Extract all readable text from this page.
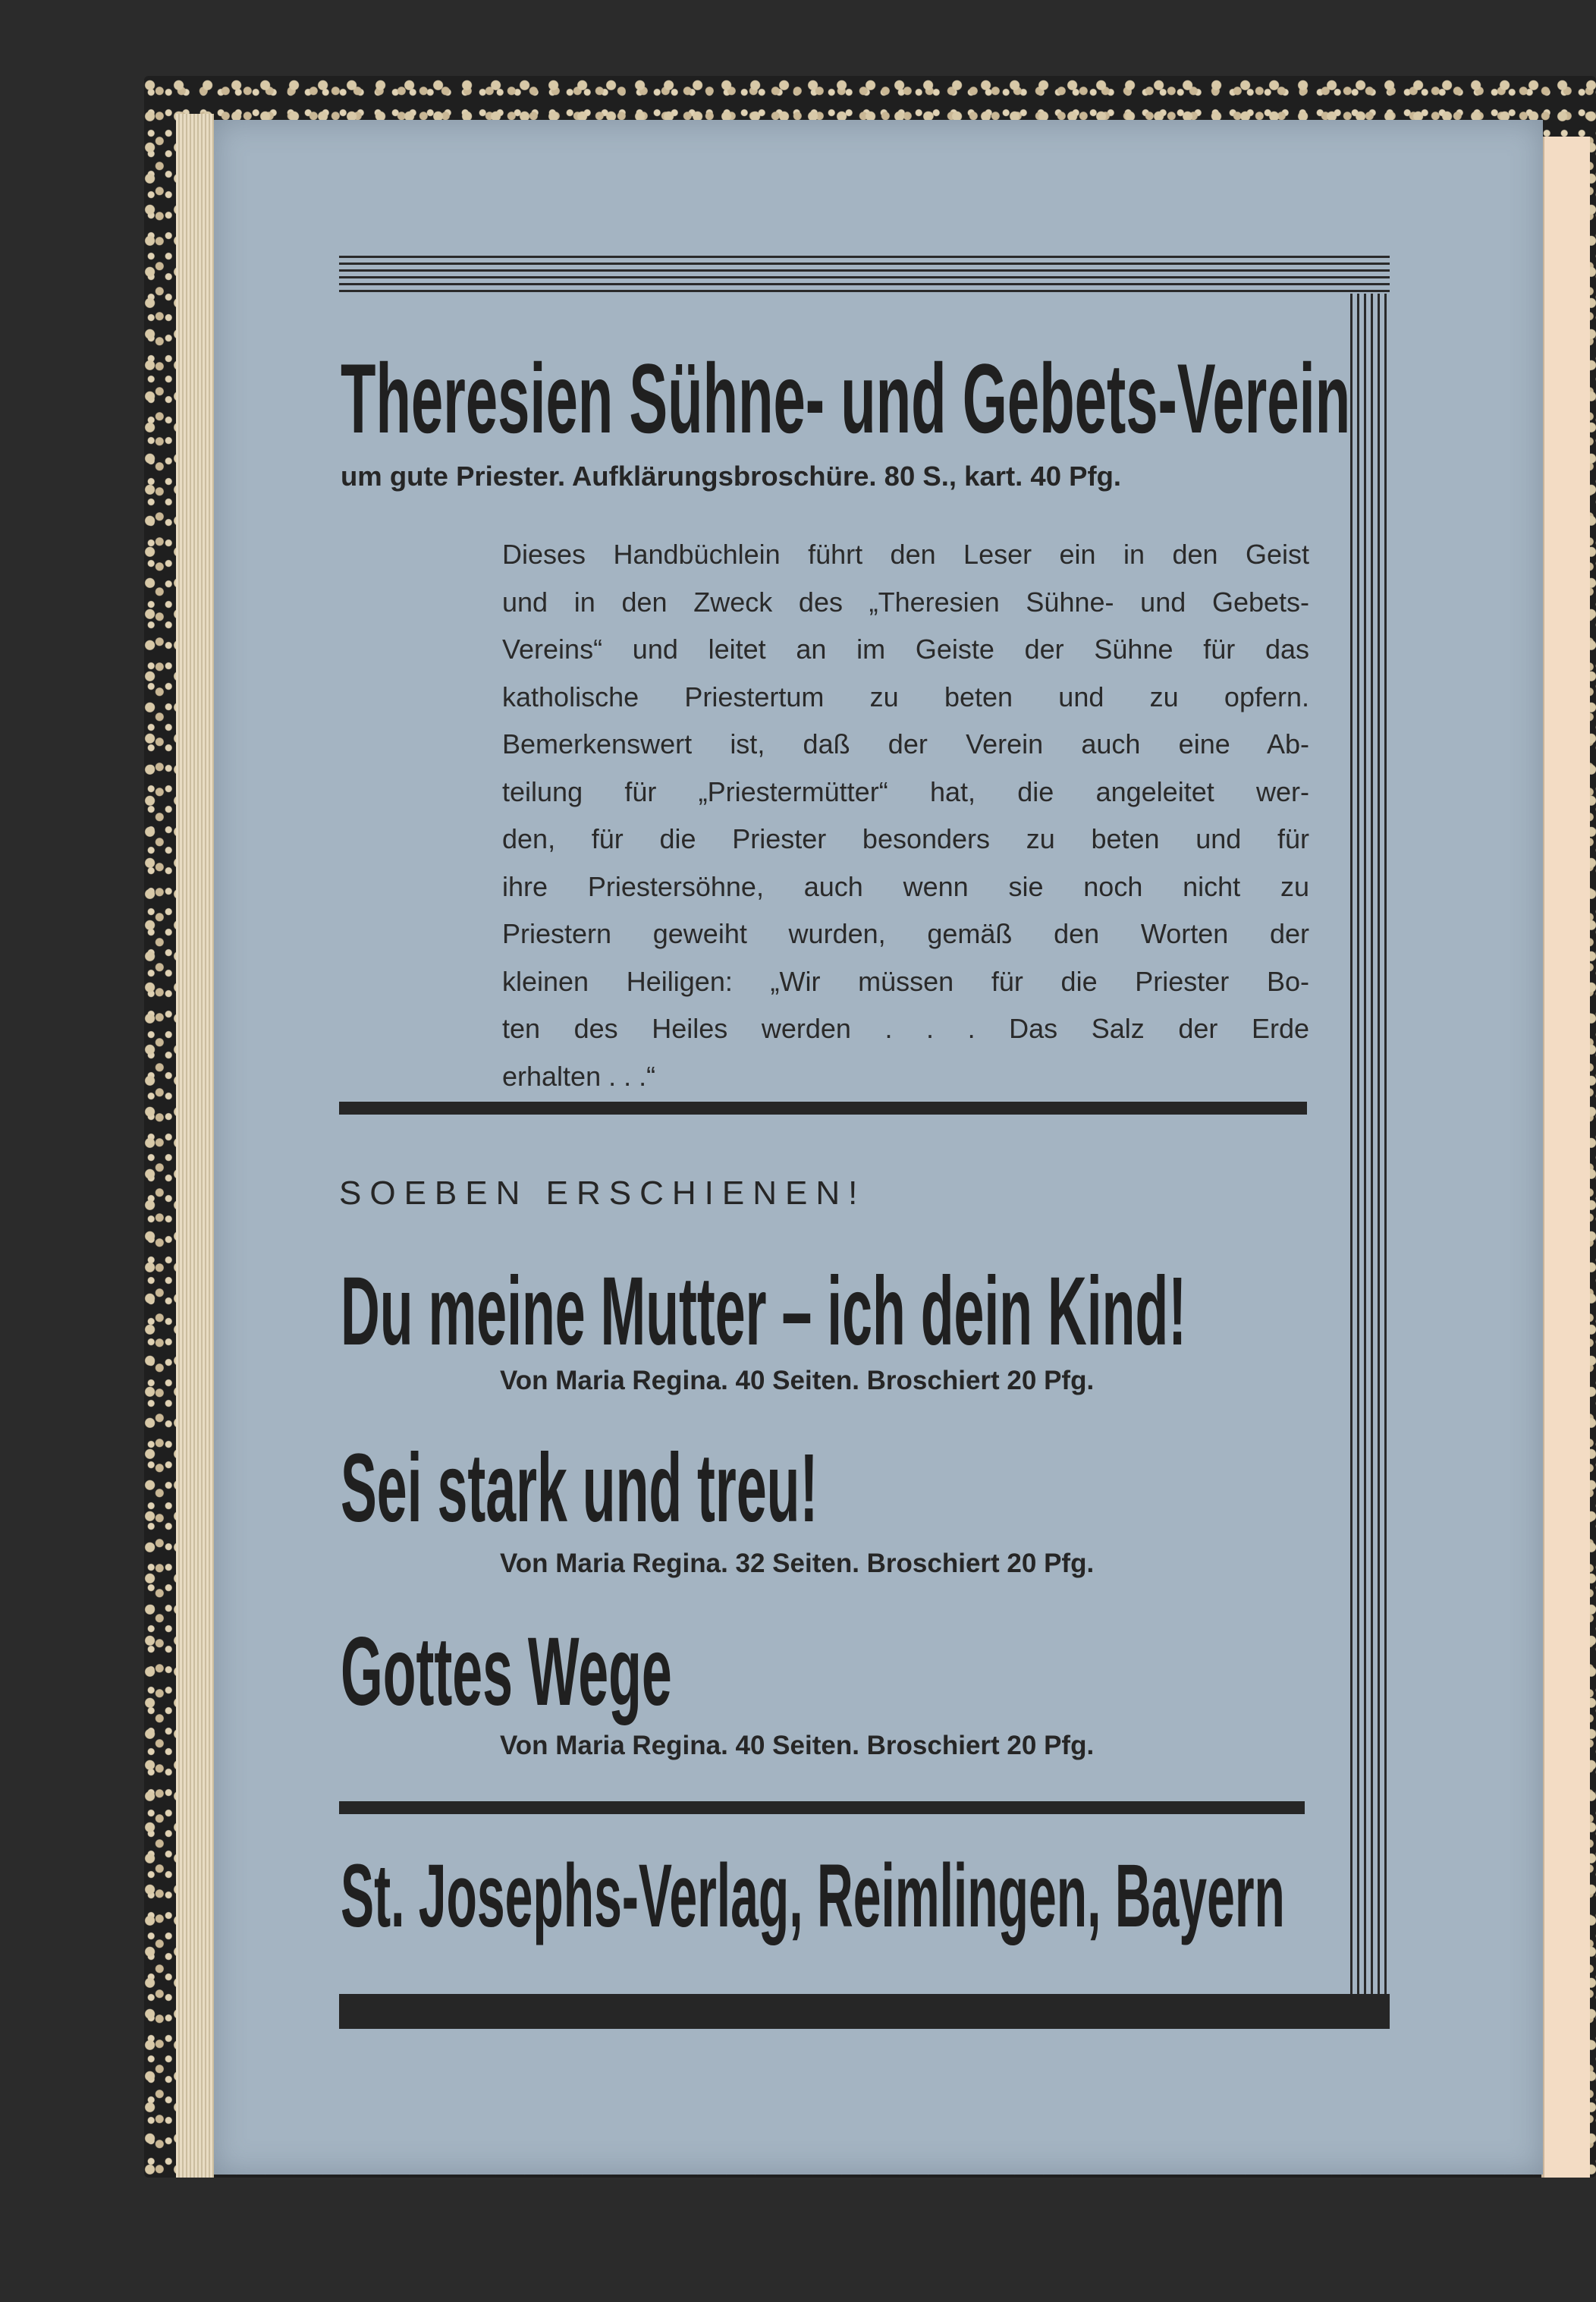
Theresien Sühne- und Gebets-Verein
um gute Priester. Aufklärungsbroschüre. 80 S., kart. 40 Pfg.
Dieses Handbüchlein führt den Leser ein in den Geist
und in den Zweck des „Theresien Sühne- und Gebets-
Vereins“ und leitet an im Geiste der Sühne für das
katholische Priestertum zu beten und zu opfern.
Bemerkenswert ist, daß der Verein auch eine Ab-
teilung für „Priestermütter“ hat, die angeleitet wer-
den, für die Priester besonders zu beten und für
ihre Priestersöhne, auch wenn sie noch nicht zu
Priestern geweiht wurden, gemäß den Worten der
kleinen Heiligen: „Wir müssen für die Priester Bo-
ten des Heiles werden . . . Das Salz der Erde
erhalten . . .“
SOEBEN ERSCHIENEN!
Du meine Mutter – ich dein Kind!
Von Maria Regina. 40 Seiten. Broschiert 20 Pfg.
Sei stark und treu!
Von Maria Regina. 32 Seiten. Broschiert 20 Pfg.
Gottes Wege
Von Maria Regina. 40 Seiten. Broschiert 20 Pfg.
St. Josephs-Verlag, Reimlingen, Bayern
